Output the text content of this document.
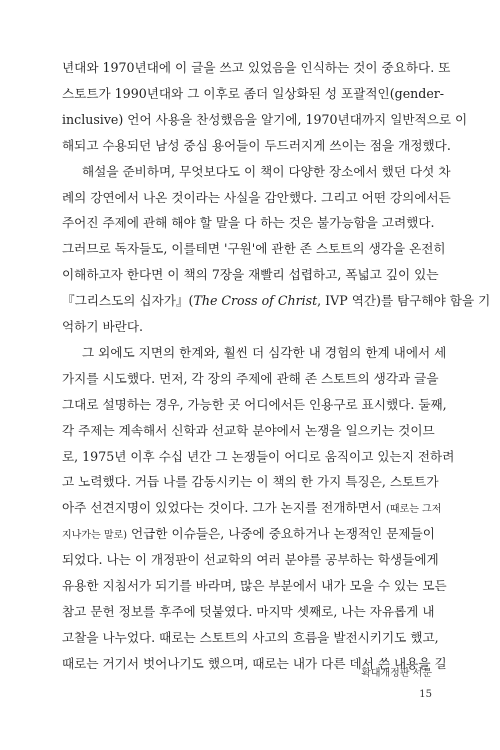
년대와 1970년대에 이 글을 쓰고 있었음을 인식하는 것이 중요하다. 또
스토트가 1990년대와 그 이후로 좀더 일상화된 성 포괄적인(gender-
inclusive) 언어 사용을 찬성했음을 알기에, 1970년대까지 일반적으로 이
해되고 수용되던 남성 중심 용어들이 두드러지게 쓰이는 점을 개정했다.
해설을 준비하며, 무엇보다도 이 책이 다양한 장소에서 했던 다섯 차
례의 강연에서 나온 것이라는 사실을 감안했다. 그리고 어떤 강의에서든
주어진 주제에 관해 해야 할 말을 다 하는 것은 불가능함을 고려했다.
그러므로 독자들도, 이를테면 '구원'에 관한 존 스토트의 생각을 온전히
이해하고자 한다면 이 책의 7장을 재빨리 섭렵하고, 폭넓고 깊이 있는
『그리스도의 십자가』(The Cross of Christ, IVP 역간)를 탐구해야 함을 기
억하기 바란다.
그 외에도 지면의 한계와, 훨씬 더 심각한 내 경험의 한계 내에서 세
가지를 시도했다. 먼저, 각 장의 주제에 관해 존 스토트의 생각과 글을
그대로 설명하는 경우, 가능한 곳 어디에서든 인용구로 표시했다. 둘째,
각 주제는 계속해서 신학과 선교학 분야에서 논쟁을 일으키는 것이므
로, 1975년 이후 수십 년간 그 논쟁들이 어디로 움직이고 있는지 전하려
고 노력했다. 거듭 나를 감동시키는 이 책의 한 가지 특징은, 스토트가
아주 선견지명이 있었다는 것이다. 그가 논지를 전개하면서 (때로는 그저
지나가는 말로) 언급한 이슈들은, 나중에 중요하거나 논쟁적인 문제들이
되었다. 나는 이 개정판이 선교학의 여러 분야를 공부하는 학생들에게
유용한 지침서가 되기를 바라며, 많은 부분에서 내가 모을 수 있는 모든
참고 문헌 정보를 후주에 덧붙였다. 마지막 셋째로, 나는 자유롭게 내
고찰을 나누었다. 때로는 스토트의 사고의 흐름을 발전시키기도 했고,
때로는 거기서 벗어나기도 했으며, 때로는 내가 다른 데서 쓴 내용을 길
확대개정판 서문
15
